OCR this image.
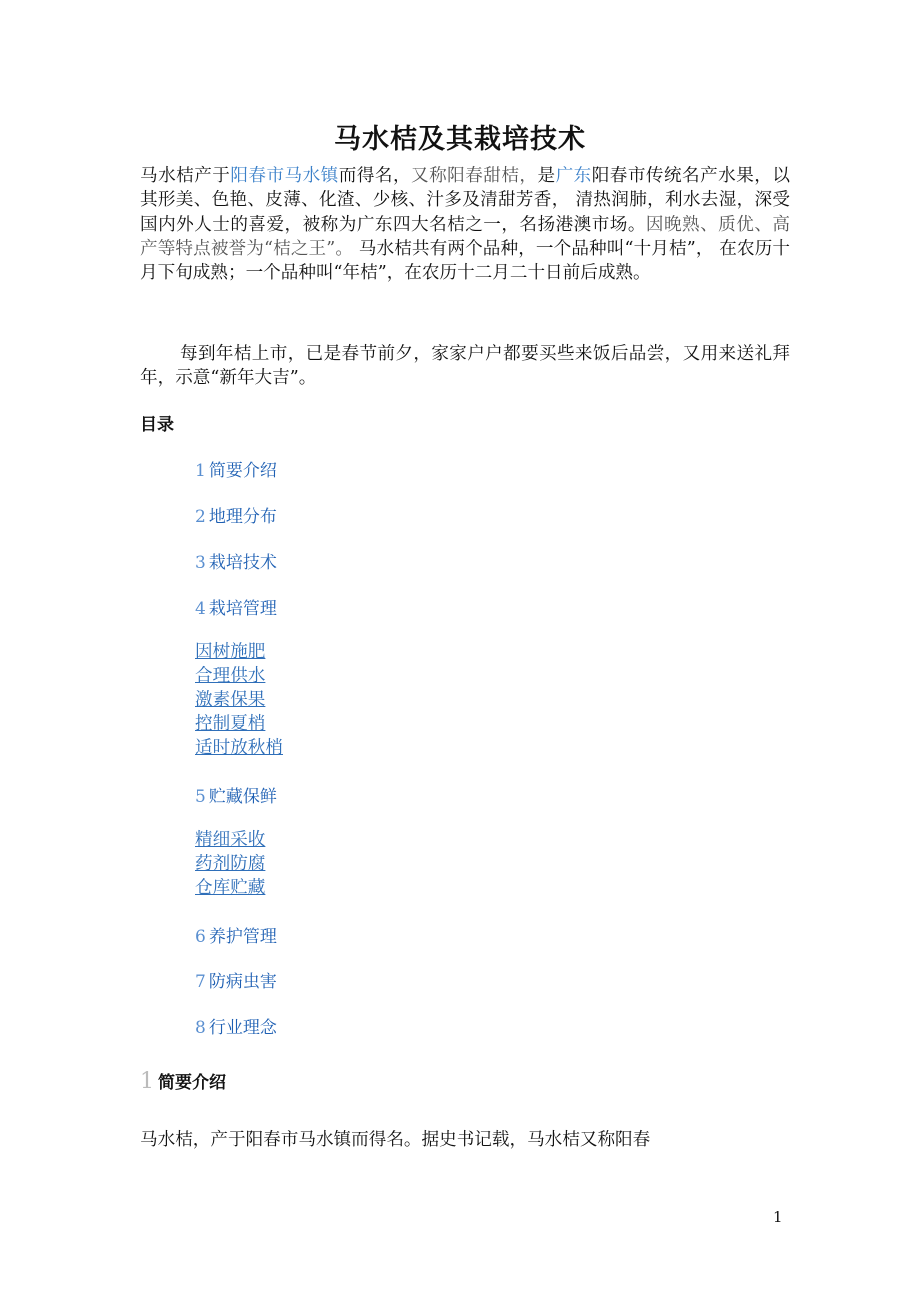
马水桔及其栽培技术

马水桔产于阳春市马水镇而得名，又称阳春甜桔，是广东阳春市传统名产水果，以其形美、色艳、皮薄、化渣、少核、汁多及清甜芳香， 清热润肺，利水去湿，深受国内外人士的喜爱，被称为广东四大名桔之一，名扬港澳市场。因晚熟、质优、高产等特点被誉为“桔之王”。 马水桔共有两个品种，一个品种叫“十月桔”， 在农历十月下旬成熟；一个品种叫“年桔”，在农历十二月二十日前后成熟。

每到年桔上市，已是春节前夕，家家户户都要买些来饭后品尝，又用来送礼拜年，示意“新年大吉”。

目录

1 简要介绍
2 地理分布
3 栽培技术
4 栽培管理
因树施肥
合理供水
激素保果
控制夏梢
适时放秋梢
5 贮藏保鲜
精细采收
药剂防腐
仓库贮藏
6 养护管理
7 防病虫害
8 行业理念

1 简要介绍

马水桔，产于阳春市马水镇而得名。据史书记载，马水桔又称阳春

1
